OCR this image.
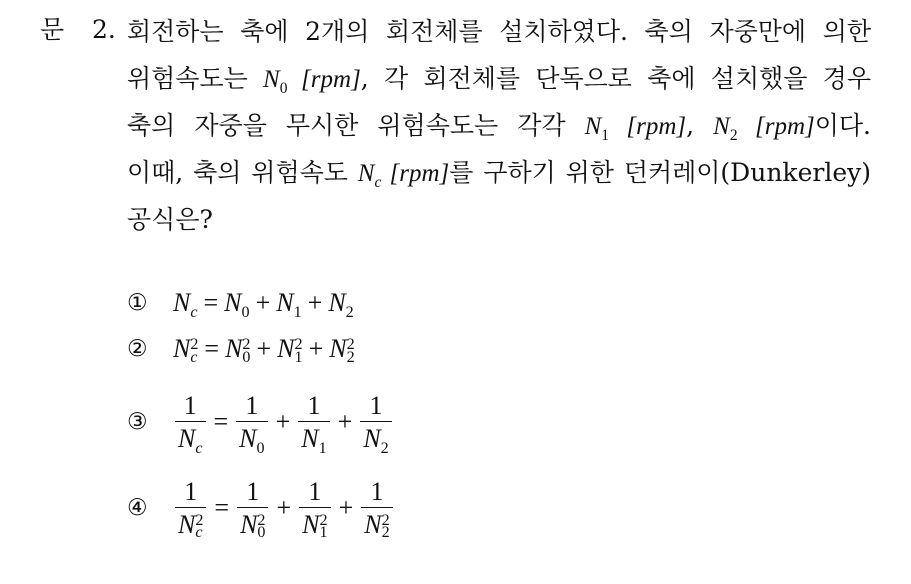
문 2. 회전하는 축에 2개의 회전체를 설치하였다. 축의 자중만에 의한
위험속도는 $N_0$ [rpm], 각 회전체를 단독으로 축에 설치했을 경우
축의 자중을 무시한 위험속도는 각각 $N_1$ [rpm], $N_2$ [rpm]이다.
이때, 축의 위험속도 $N_c$ [rpm]를 구하기 위한 던커레이(Dunkerley)
공식은?
① $N_c = N_0 + N_1 + N_2$
② N 2
c = N 2
0 + N 2
1 + N 2
2
③	$\frac{1}{N_c} = \frac{1}{N_0} + \frac{1}{N_1} + \frac{1}{N_2}$
④	1
N 2
c = 1
N 2
0 + 1
N 2
1 + 1
N 2
2
